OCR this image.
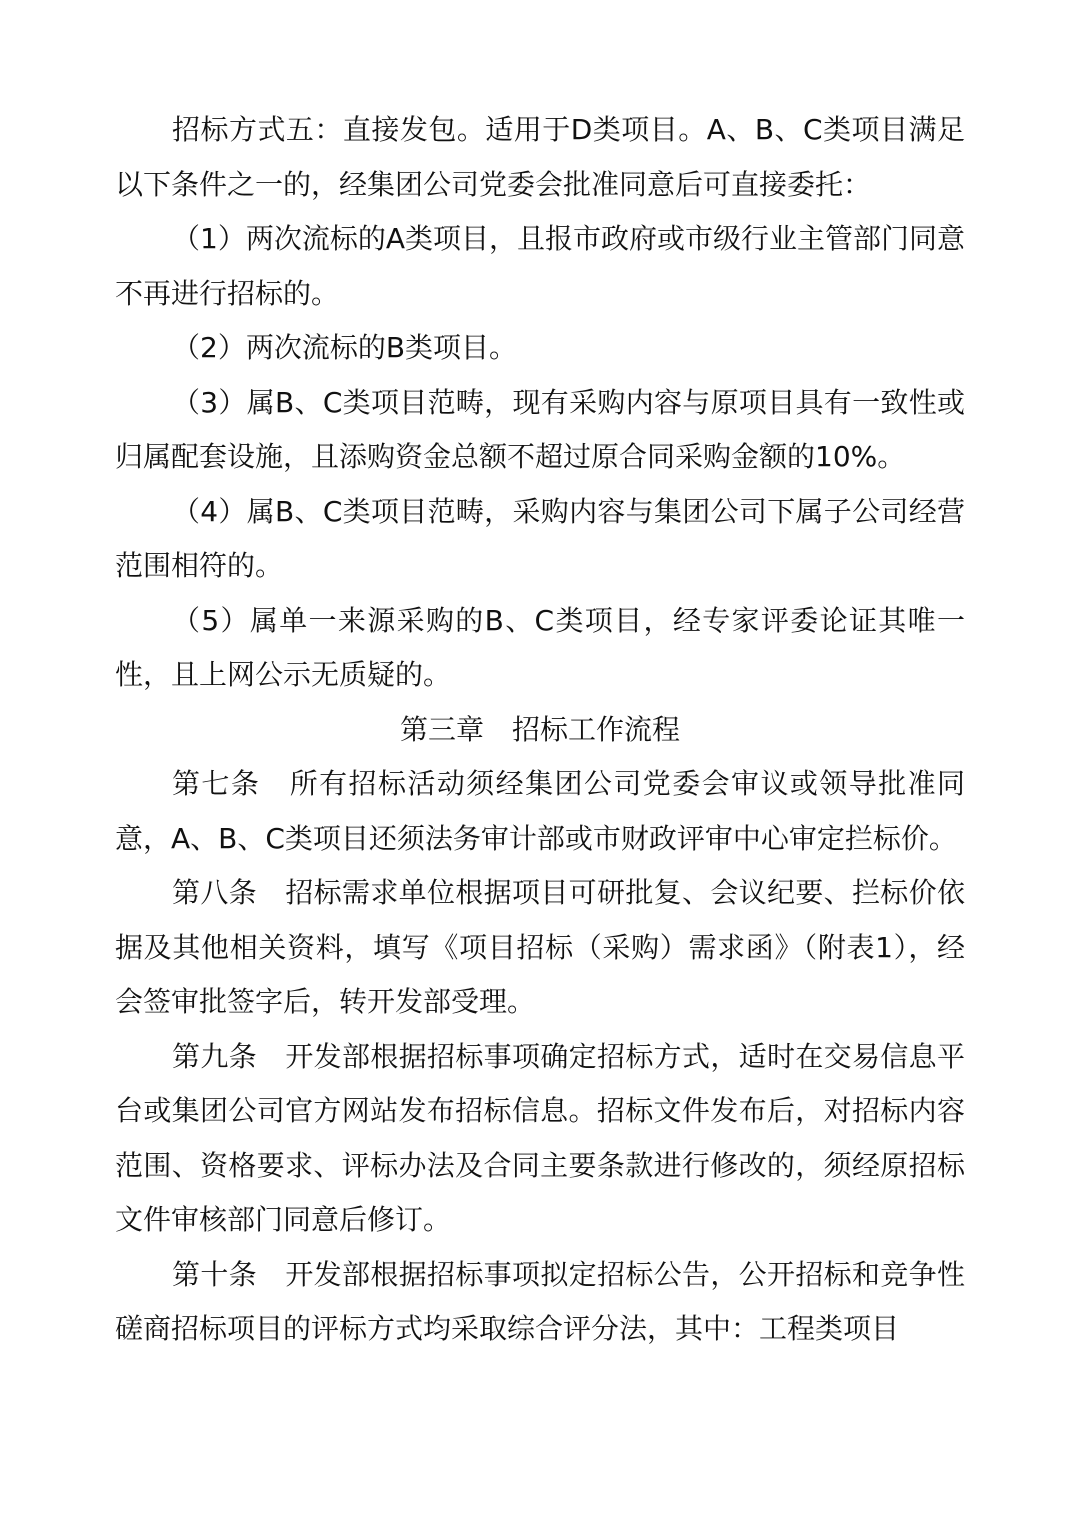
招标方式五：直接发包。适用于D类项目。A、B、C类项目满足以下条件之一的，经集团公司党委会批准同意后可直接委托：

（1）两次流标的A类项目，且报市政府或市级行业主管部门同意不再进行招标的。

（2）两次流标的B类项目。

（3）属B、C类项目范畴，现有采购内容与原项目具有一致性或归属配套设施，且添购资金总额不超过原合同采购金额的10%。

（4）属B、C类项目范畴，采购内容与集团公司下属子公司经营范围相符的。

（5）属单一来源采购的B、C类项目，经专家评委论证其唯一性，且上网公示无质疑的。

第三章 招标工作流程

第七条 所有招标活动须经集团公司党委会审议或领导批准同意，A、B、C类项目还须法务审计部或市财政评审中心审定拦标价。

第八条 招标需求单位根据项目可研批复、会议纪要、拦标价依据及其他相关资料，填写《项目招标（采购）需求函》（附表1），经会签审批签字后，转开发部受理。

第九条 开发部根据招标事项确定招标方式，适时在交易信息平台或集团公司官方网站发布招标信息。招标文件发布后，对招标内容范围、资格要求、评标办法及合同主要条款进行修改的，须经原招标文件审核部门同意后修订。

第十条 开发部根据招标事项拟定招标公告，公开招标和竞争性磋商招标项目的评标方式均采取综合评分法，其中：工程类项目
